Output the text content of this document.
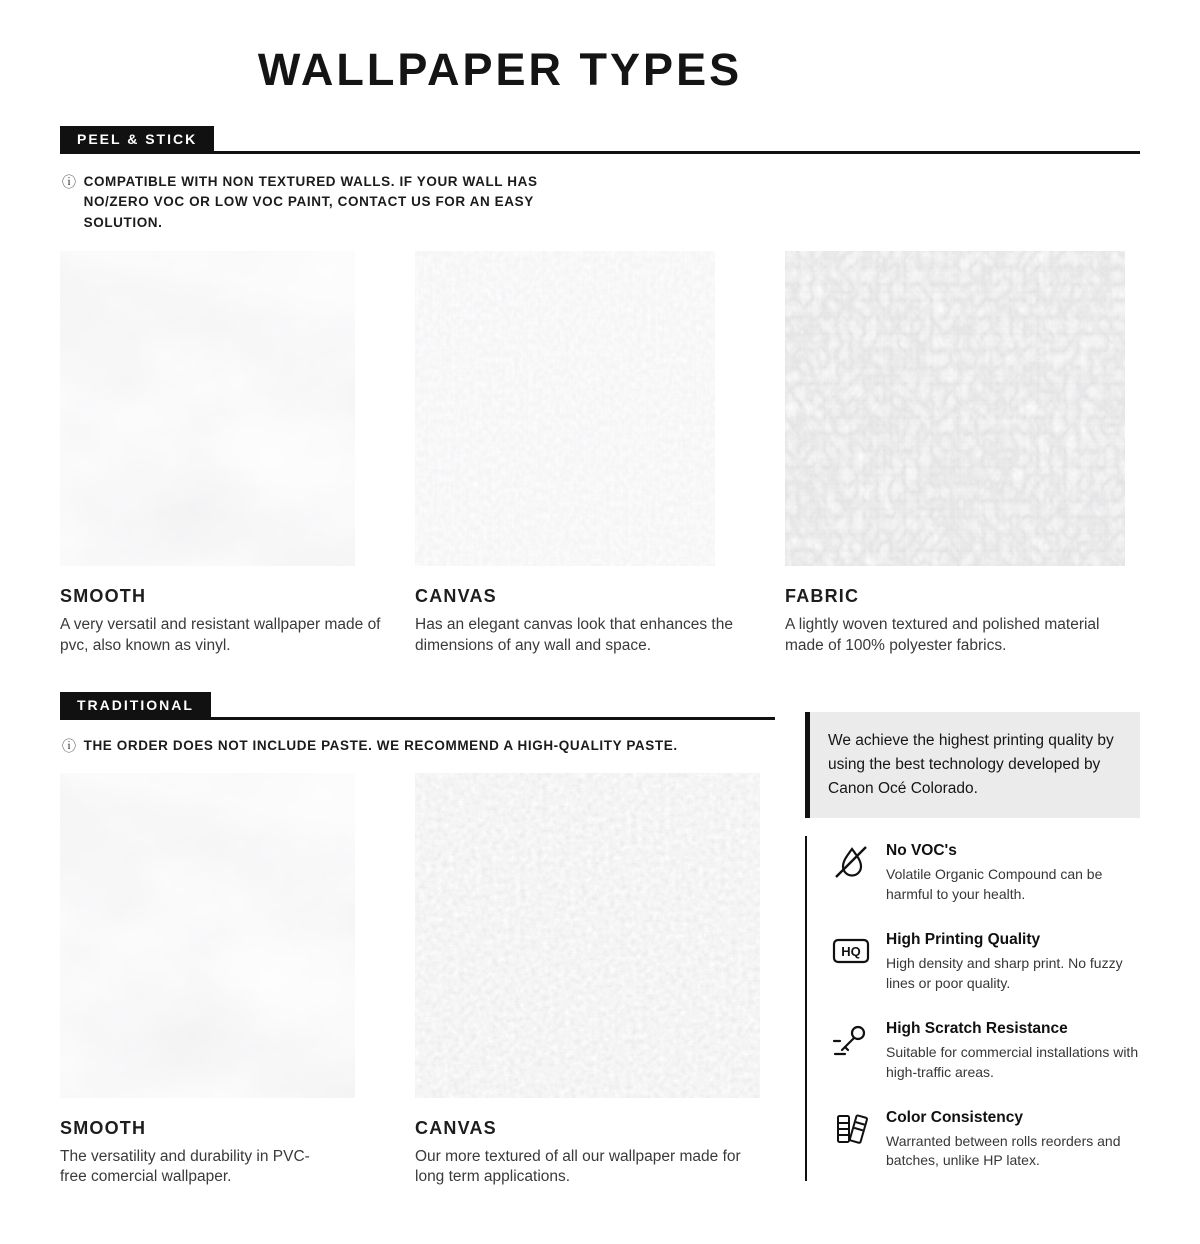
WALLPAPER TYPES
PEEL & STICK
ⓘ COMPATIBLE WITH NON TEXTURED WALLS. IF YOUR WALL HAS NO/ZERO VOC OR LOW VOC PAINT, CONTACT US FOR AN EASY SOLUTION.
SMOOTH

A very versatil and resistant wallpaper made of pvc, also known as vinyl.

CANVAS

Has an elegant canvas look that enhances the dimensions of any wall and space.

FABRIC

A lightly woven textured and polished material made of 100% polyester fabrics.

TRADITIONAL
ⓘ THE ORDER DOES NOT INCLUDE PASTE. WE RECOMMEND A HIGH-QUALITY PASTE.
SMOOTH

The versatility and durability in PVC-free comercial wallpaper.

CANVAS

Our more textured of all our wallpaper made for long term applications.

We achieve the highest printing quality by using the best technology developed by Canon Océ Colorado.

No VOC's

Volatile Organic Compound can be harmful to your health.

HQ

High Printing Quality

High density and sharp print. No fuzzy lines or poor quality.

High Scratch Resistance

Suitable for commercial installations with high-traffic areas.

Color Consistency

Warranted between rolls reorders and batches, unlike HP latex.
